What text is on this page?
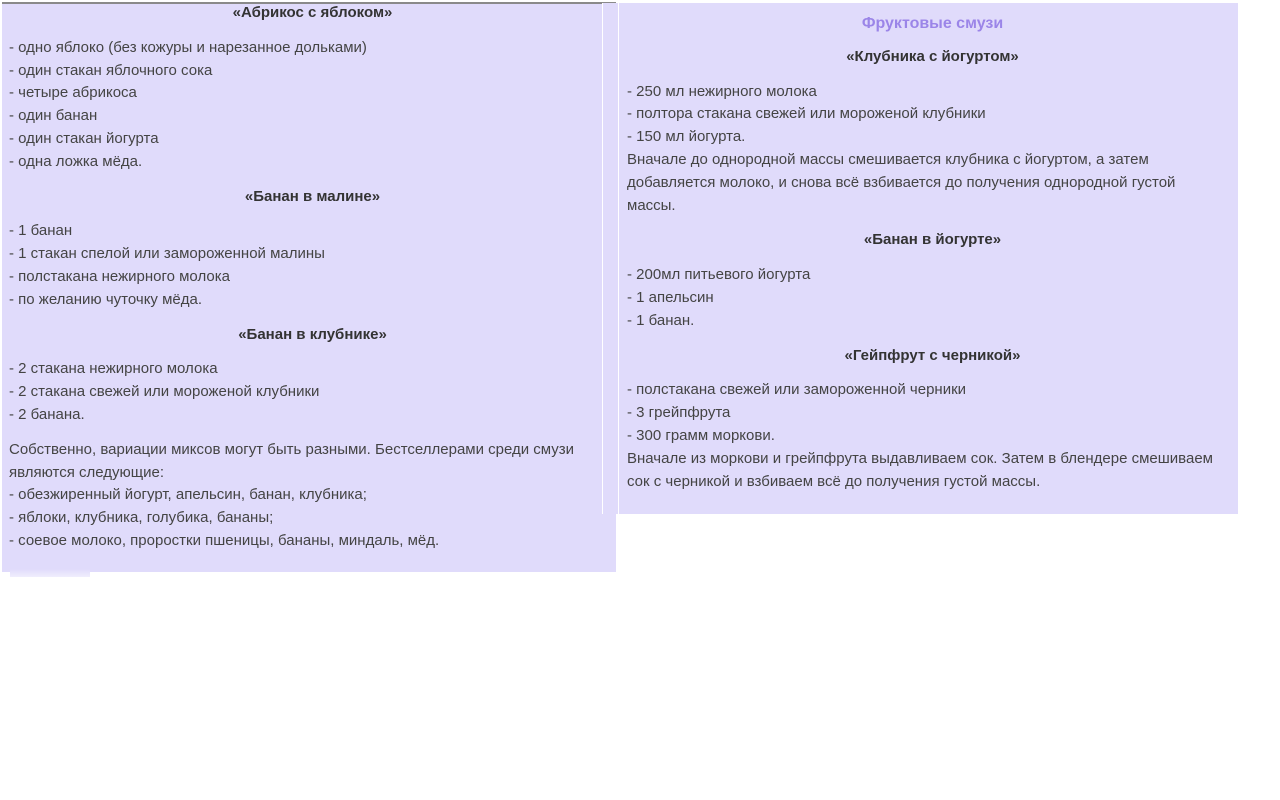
«Абрикос с яблоком»

- одно яблоко (без кожуры и нарезанное дольками)
- один стакан яблочного сока
- четыре абрикоса
- один банан
- один стакан йогурта
- одна ложка мёда.

«Банан в малине»

- 1 банан
- 1 стакан спелой или замороженной малины
- полстакана нежирного молока
- по желанию чуточку мёда.

«Банан в клубнике»

- 2 стакана нежирного молока
- 2 стакана свежей или мороженой клубники
- 2 банана.
Собственно, вариации миксов могут быть разными. Бестселлерами среди смузи являются следующие:
- обезжиренный йогурт, апельсин, банан, клубника;
- яблоки, клубника, голубика, бананы;
- соевое молоко, проростки пшеницы, бананы, миндаль, мёд.

Фруктовые смузи

«Клубника с йогуртом»

- 250 мл нежирного молока
- полтора стакана свежей или мороженой клубники
- 150 мл йогурта.
Вначале до однородной массы смешивается клубника с йогуртом, а затем добавляется молоко, и снова всё взбивается до получения однородной густой массы.

«Банан в йогурте»

- 200мл питьевого йогурта
- 1 апельсин
- 1 банан.

«Гейпфрут с черникой»

- полстакана свежей или замороженной черники
- 3 грейпфрута
- 300 грамм моркови.
Вначале из моркови и грейпфрута выдавливаем сок. Затем в блендере смешиваем сок с черникой и взбиваем всё до получения густой массы.
